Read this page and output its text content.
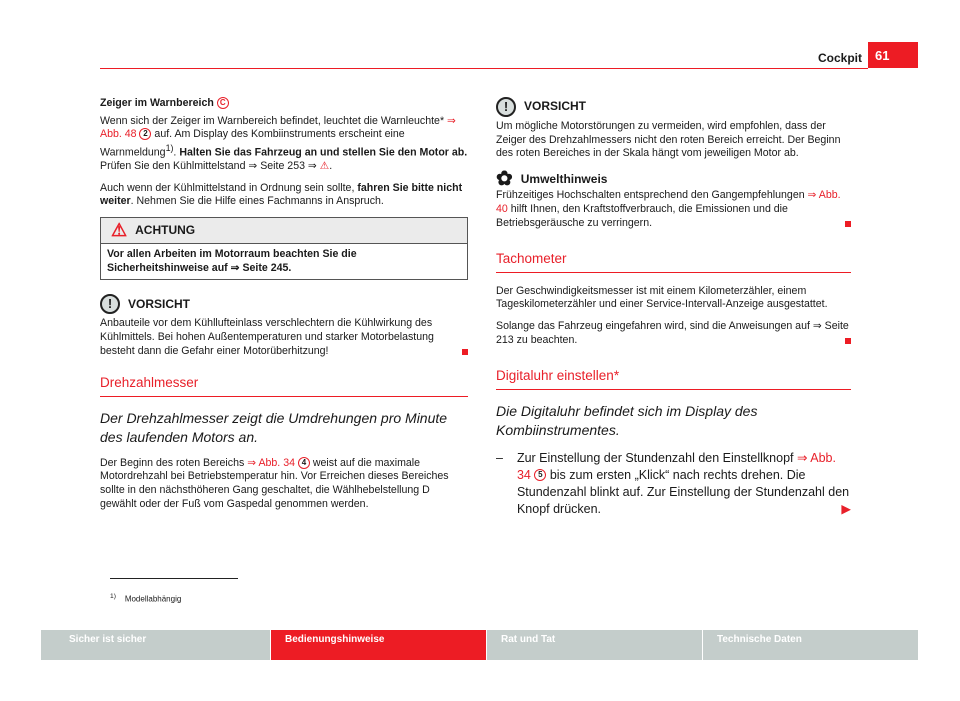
Cockpit	61
Zeiger im Warnbereich C

Wenn sich der Zeiger im Warnbereich befindet, leuchtet die Warnleuchte* ⇒ Abb. 48 2 auf. Am Display des Kombiinstruments erscheint eine Warnmeldung$^{1)}$. Halten Sie das Fahrzeug an und stellen Sie den Motor ab. Prüfen Sie den Kühlmittelstand ⇒ Seite 253 ⇒ ⚠.

Auch wenn der Kühlmittelstand in Ordnung sein sollte, fahren Sie bitte nicht weiter. Nehmen Sie die Hilfe eines Fachmanns in Anspruch.

⚠ ACHTUNG
Vor allen Arbeiten im Motorraum beachten Sie die Sicherheitshinweise auf ⇒ Seite 245.
!	VORSICHT

Anbauteile vor dem Kühllufteinlass verschlechtern die Kühlwirkung des Kühlmittels. Bei hohen Außentemperaturen und starker Motorbelastung besteht dann die Gefahr einer Motorüberhitzung!

Drehzahlmesser
Der Drehzahlmesser zeigt die Umdrehungen pro Minute des laufenden Motors an.

Der Beginn des roten Bereichs ⇒ Abb. 34 4 weist auf die maximale Motordrehzahl bei Betriebstemperatur hin. Vor Erreichen dieses Bereiches sollte in den nächsthöheren Gang geschaltet, die Wählhebelstellung D gewählt oder der Fuß vom Gaspedal genommen werden.

!	VORSICHT

Um mögliche Motorstörungen zu vermeiden, wird empfohlen, dass der Zeiger des Drehzahlmessers nicht den roten Bereich erreicht. Der Beginn des roten Bereiches in der Skala hängt vom jeweiligen Motor ab.

✿ Umwelthinweis

Frühzeitiges Hochschalten entsprechend den Gangempfehlungen ⇒ Abb. 40 hilft Ihnen, den Kraftstoffverbrauch, die Emissionen und die Betriebsgeräusche zu verringern.

Tachometer

Der Geschwindigkeitsmesser ist mit einem Kilometerzähler, einem Tageskilometerzähler und einer Service-Intervall-Anzeige ausgestattet.

Solange das Fahrzeug eingefahren wird, sind die Anweisungen auf ⇒ Seite 213 zu beachten.

Digitaluhr einstellen*
Die Digitaluhr befindet sich im Display des Kombiinstrumentes.
– Zur Einstellung der Stundenzahl den Einstellknopf ⇒ Abb. 34 5 bis zum ersten „Klick“ nach rechts drehen. Die Stundenzahl blinkt auf. Zur Einstellung der Stundenzahl den Knopf drücken.	▶
$^{1)}$ Modellabhängig
Sicher ist sicher	Bedienungshinweise	Rat und Tat	Technische Daten
